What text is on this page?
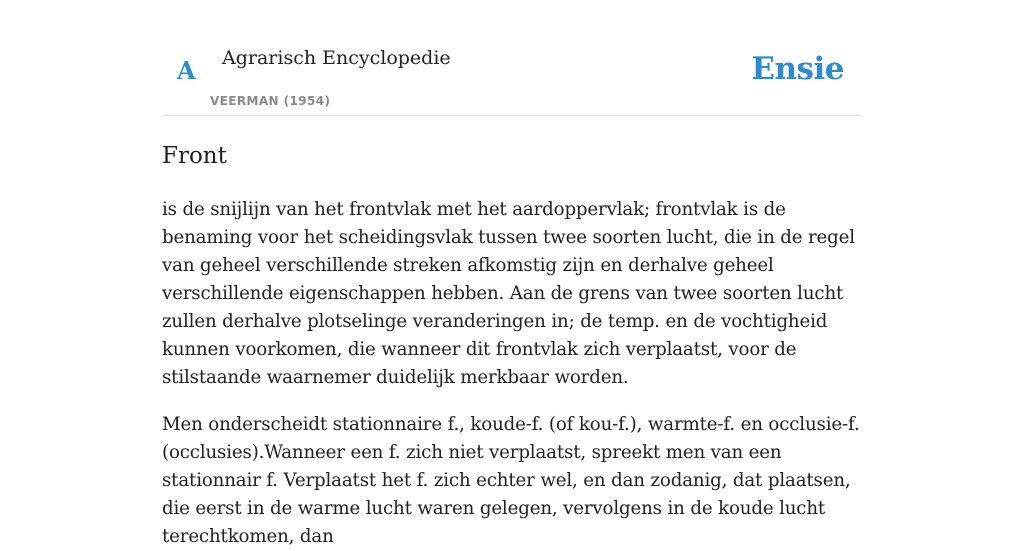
A Agrarisch Encyclopedie
VEERMAN (1954)
Ensie
Front

is de snijlijn van het frontvlak met het aardoppervlak; frontvlak is de benaming voor het scheidingsvlak tussen twee soorten lucht, die in de regel van geheel verschillende streken afkomstig zijn en derhalve geheel verschillende eigenschappen hebben. Aan de grens van twee soorten lucht zullen derhalve plotselinge veranderingen in; de temp. en de vochtigheid kunnen voorkomen, die wanneer dit frontvlak zich verplaatst, voor de stilstaande waarnemer duidelijk merkbaar worden.

Men onderscheidt stationnaire f., koude-f. (of kou-f.), warmte-f. en occlusie-f. (occlusies).Wanneer een f. zich niet verplaatst, spreekt men van een stationnair f. Verplaatst het f. zich echter wel, en dan zodanig, dat plaatsen, die eerst in de warme lucht waren gelegen, vervolgens in de koude lucht terechtkomen, dan
